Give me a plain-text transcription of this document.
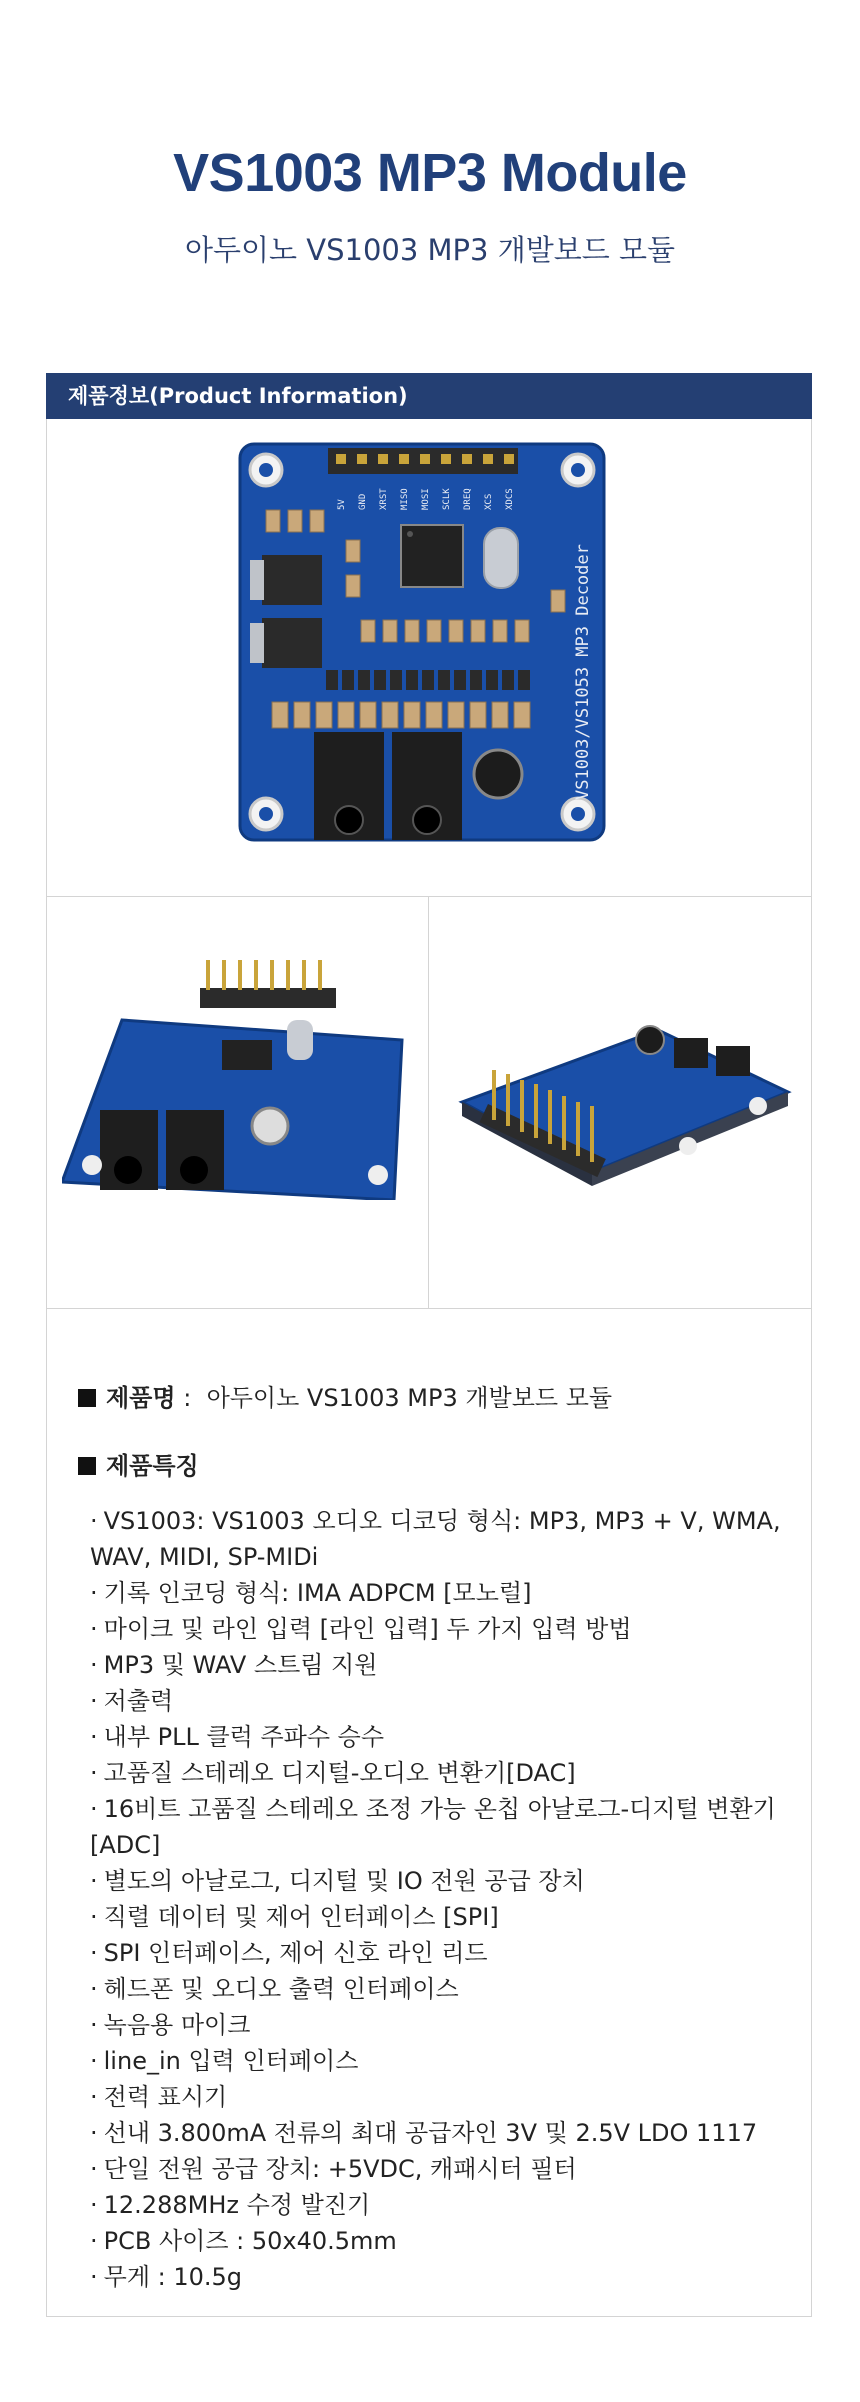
VS1003 MP3 Module
아두이노 VS1003 MP3 개발보드 모듈
제품정보(Product Information)
5V GND XRST MISO MOSI SCLK DREQ XCS XDCS
VS1003/VS1053 MP3 Decoder
제품명 : 아두이노 VS1003 MP3 개발보드 모듈
제품특징
· VS1003: VS1003 오디오 디코딩 형식: MP3, MP3 + V, WMA, WAV, MIDI, SP-MIDi
· 기록 인코딩 형식: IMA ADPCM [모노럴]
· 마이크 및 라인 입력 [라인 입력] 두 가지 입력 방법
· MP3 및 WAV 스트림 지원
· 저출력
· 내부 PLL 클럭 주파수 승수
· 고품질 스테레오 디지털-오디오 변환기[DAC]
· 16비트 고품질 스테레오 조정 가능 온칩 아날로그-디지털 변환기[ADC]
· 별도의 아날로그, 디지털 및 IO 전원 공급 장치
· 직렬 데이터 및 제어 인터페이스 [SPI]
· SPI 인터페이스, 제어 신호 라인 리드
· 헤드폰 및 오디오 출력 인터페이스
· 녹음용 마이크
· line_in 입력 인터페이스
· 전력 표시기
· 선내 3.800mA 전류의 최대 공급자인 3V 및 2.5V LDO 1117
· 단일 전원 공급 장치: +5VDC, 캐패시터 필터
· 12.288MHz 수정 발진기
· PCB 사이즈 : 50x40.5mm
· 무게 : 10.5g
